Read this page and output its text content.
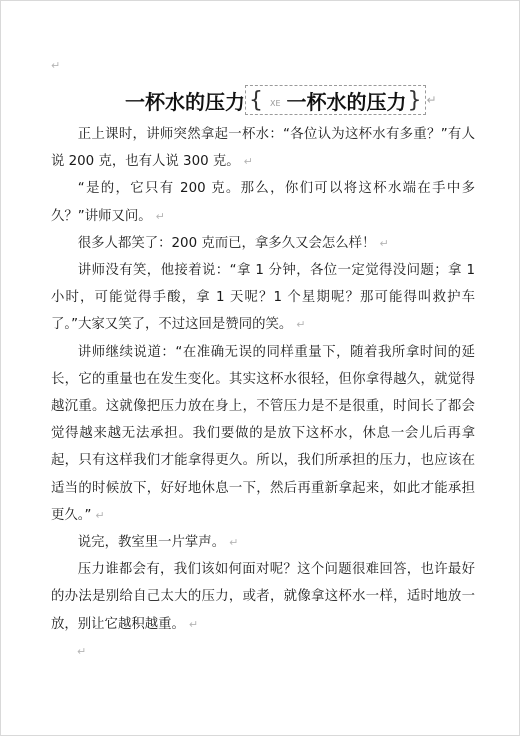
↵
一杯水的压力 { XE 一杯水的压力 } ↵

正上课时，讲师突然拿起一杯水：“各位认为这杯水有多重？”有人说 200 克，也有人说 300 克。 ↵

“是的，它只有 200 克。那么，你们可以将这杯水端在手中多久？”讲师又问。 ↵

很多人都笑了：200 克而已，拿多久又会怎么样！ ↵

讲师没有笑，他接着说：“拿 1 分钟，各位一定觉得没问题；拿 1 小时，可能觉得手酸，拿 1 天呢？1 个星期呢？那可能得叫救护车了。”大家又笑了，不过这回是赞同的笑。 ↵

讲师继续说道：“在准确无误的同样重量下，随着我所拿时间的延长，它的重量也在发生变化。其实这杯水很轻，但你拿得越久，就觉得越沉重。这就像把压力放在身上，不管压力是不是很重，时间长了都会觉得越来越无法承担。我们要做的是放下这杯水，休息一会儿后再拿起，只有这样我们才能拿得更久。所以，我们所承担的压力，也应该在适当的时候放下，好好地休息一下，然后再重新拿起来，如此才能承担更久。” ↵

说完，教室里一片掌声。 ↵

压力谁都会有，我们该如何面对呢？这个问题很难回答，也许最好的办法是别给自己太大的压力，或者，就像拿这杯水一样，适时地放一放，别让它越积越重。 ↵

↵
